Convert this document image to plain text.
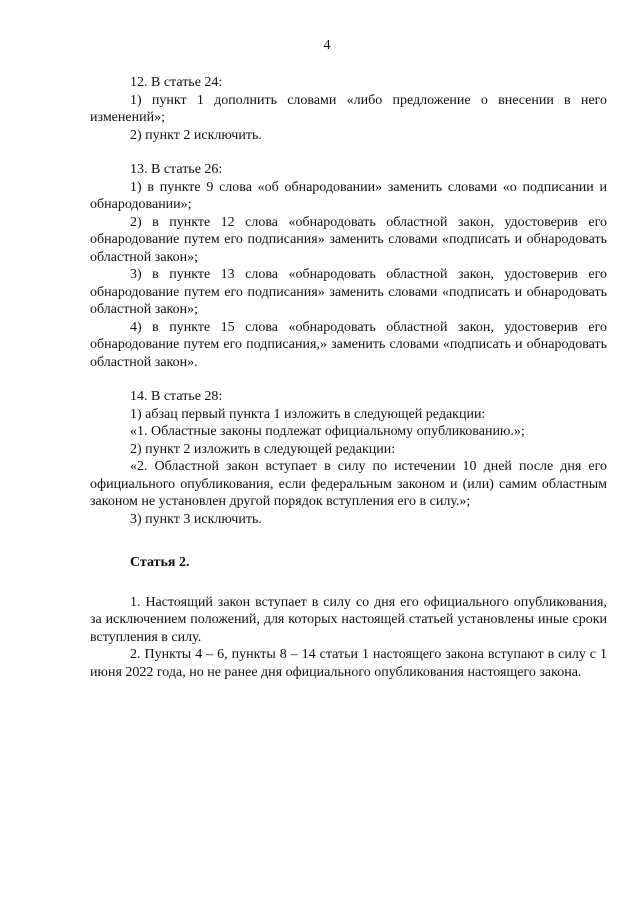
4

12. В статье 24:

1) пункт 1 дополнить словами «либо предложение о внесении в него изменений»;

2) пункт 2 исключить.

13. В статье 26:

1) в пункте 9 слова «об обнародовании» заменить словами «о подписании и обнародовании»;

2) в пункте 12 слова «обнародовать областной закон, удостоверив его обнародование путем его подписания» заменить словами «подписать и обнародовать областной закон»;

3) в пункте 13 слова «обнародовать областной закон, удостоверив его обнародование путем его подписания» заменить словами «подписать и обнародовать областной закон»;

4) в пункте 15 слова «обнародовать областной закон, удостоверив его обнародование путем его подписания,» заменить словами «подписать и обнародовать областной закон».

14. В статье 28:

1) абзац первый пункта 1 изложить в следующей редакции:

«1. Областные законы подлежат официальному опубликованию.»;

2) пункт 2 изложить в следующей редакции:

«2. Областной закон вступает в силу по истечении 10 дней после дня его официального опубликования, если федеральным законом и (или) самим областным законом не установлен другой порядок вступления его в силу.»;

3) пункт 3 исключить.

Статья 2.

1. Настоящий закон вступает в силу со дня его официального опубликования, за исключением положений, для которых настоящей статьей установлены иные сроки вступления в силу.

2. Пункты 4 – 6, пункты 8 – 14 статьи 1 настоящего закона вступают в силу с 1 июня 2022 года, но не ранее дня официального опубликования настоящего закона.
